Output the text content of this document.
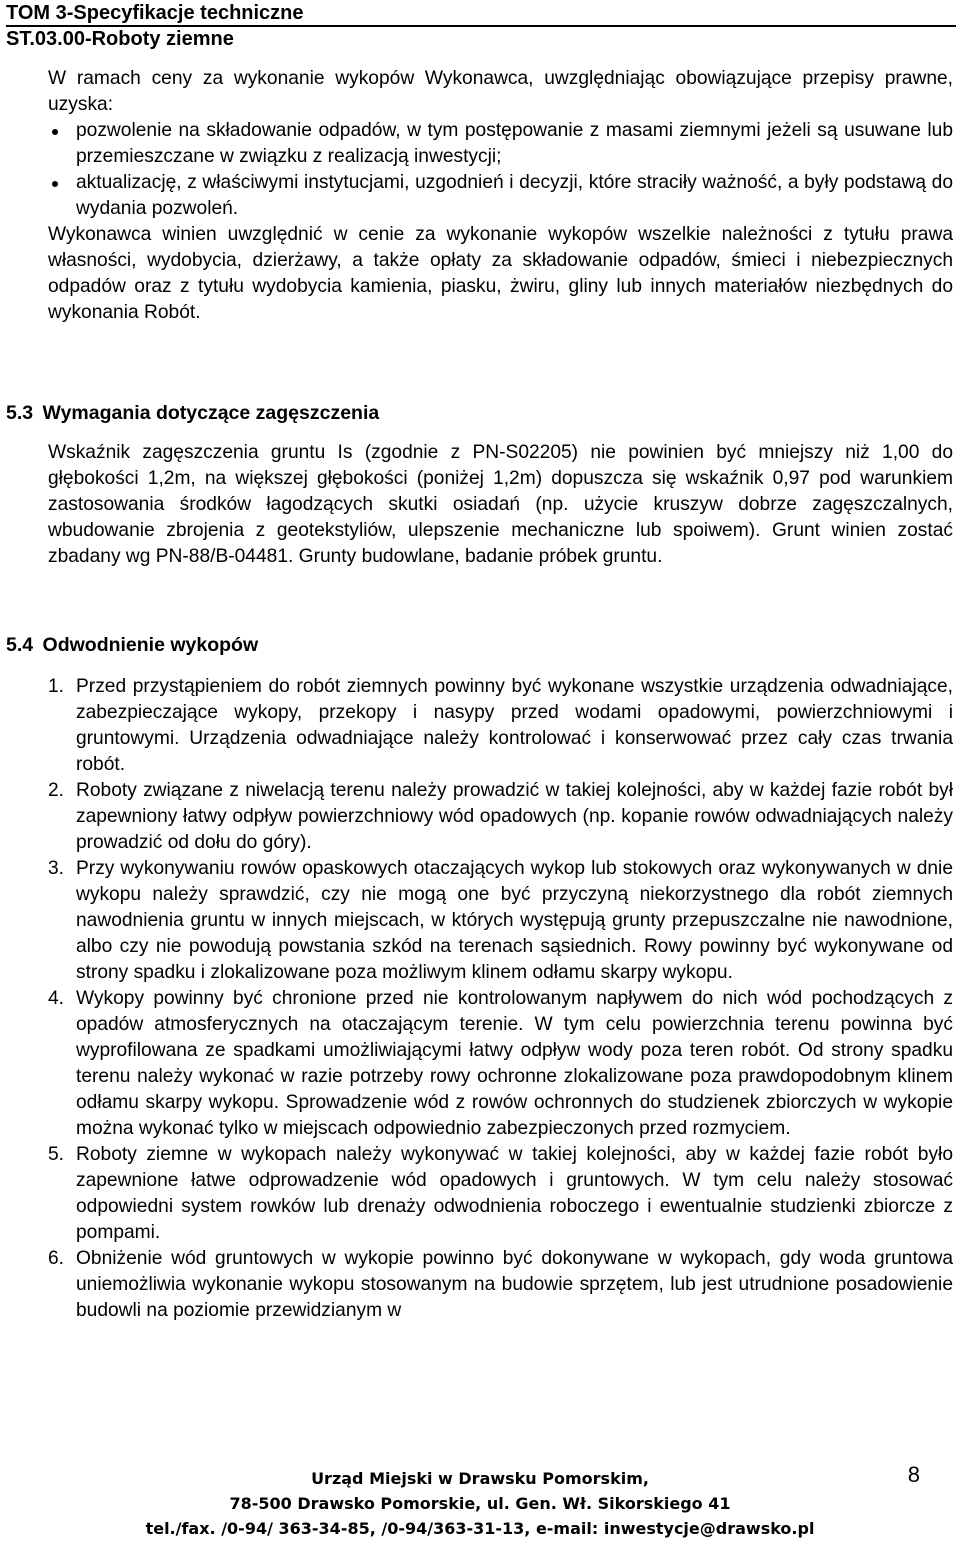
TOM 3-Specyfikacje techniczne
ST.03.00-Roboty ziemne

W ramach ceny za wykonanie wykopów Wykonawca, uwzględniając obowiązujące przepisy prawne, uzyska:

pozwolenie na składowanie odpadów, w tym postępowanie z masami ziemnymi jeżeli są usuwane lub przemieszczane w związku z realizacją inwestycji;
aktualizację, z właściwymi instytucjami, uzgodnień i decyzji, które straciły ważność, a były podstawą do wydania pozwoleń.

Wykonawca winien uwzględnić w cenie za wykonanie wykopów wszelkie należności z tytułu prawa własności, wydobycia, dzierżawy, a także opłaty za składowanie odpadów, śmieci i niebezpiecznych odpadów oraz z tytułu wydobycia kamienia, piasku, żwiru, gliny lub innych materiałów niezbędnych do wykonania Robót.

5.3 Wymagania dotyczące zagęszczenia

Wskaźnik zagęszczenia gruntu Is (zgodnie z PN-S02205) nie powinien być mniejszy niż 1,00 do głębokości 1,2m, na większej głębokości (poniżej 1,2m) dopuszcza się wskaźnik 0,97 pod warunkiem zastosowania środków łagodzących skutki osiadań (np. użycie kruszyw dobrze zagęszczalnych, wbudowanie zbrojenia z geotekstyliów, ulepszenie mechaniczne lub spoiwem). Grunt winien zostać zbadany wg PN-88/B-04481. Grunty budowlane, badanie próbek gruntu.

5.4 Odwodnienie wykopów
1. Przed przystąpieniem do robót ziemnych powinny być wykonane wszystkie urządzenia odwadniające, zabezpieczające wykopy, przekopy i nasypy przed wodami opadowymi, powierzchniowymi i gruntowymi. Urządzenia odwadniające należy kontrolować i konserwować przez cały czas trwania robót.
2. Roboty związane z niwelacją terenu należy prowadzić w takiej kolejności, aby w każdej fazie robót był zapewniony łatwy odpływ powierzchniowy wód opadowych (np. kopanie rowów odwadniających należy prowadzić od dołu do góry).
3. Przy wykonywaniu rowów opaskowych otaczających wykop lub stokowych oraz wykonywanych w dnie wykopu należy sprawdzić, czy nie mogą one być przyczyną niekorzystnego dla robót ziemnych nawodnienia gruntu w innych miejscach, w których występują grunty przepuszczalne nie nawodnione, albo czy nie powodują powstania szkód na terenach sąsiednich. Rowy powinny być wykonywane od strony spadku i zlokalizowane poza możliwym klinem odłamu skarpy wykopu.
4. Wykopy powinny być chronione przed nie kontrolowanym napływem do nich wód pochodzących z opadów atmosferycznych na otaczającym terenie. W tym celu powierzchnia terenu powinna być wyprofilowana ze spadkami umożliwiającymi łatwy odpływ wody poza teren robót. Od strony spadku terenu należy wykonać w razie potrzeby rowy ochronne zlokalizowane poza prawdopodobnym klinem odłamu skarpy wykopu. Sprowadzenie wód z rowów ochronnych do studzienek zbiorczych w wykopie można wykonać tylko w miejscach odpowiednio zabezpieczonych przed rozmyciem.
5. Roboty ziemne w wykopach należy wykonywać w takiej kolejności, aby w każdej fazie robót było zapewnione łatwe odprowadzenie wód opadowych i gruntowych. W tym celu należy stosować odpowiedni system rowków lub drenaży odwodnienia roboczego i ewentualnie studzienki zbiorcze z pompami.
6. Obniżenie wód gruntowych w wykopie powinno być dokonywane w wykopach, gdy woda gruntowa uniemożliwia wykonanie wykopu stosowanym na budowie sprzętem, lub jest utrudnione posadowienie budowli na poziomie przewidzianym w
8
Urząd Miejski w Drawsku Pomorskim,
78-500 Drawsko Pomorskie, ul. Gen. Wł. Sikorskiego 41
tel./fax. /0-94/ 363-34-85, /0-94/363-31-13, e-mail: inwestycje@drawsko.pl
